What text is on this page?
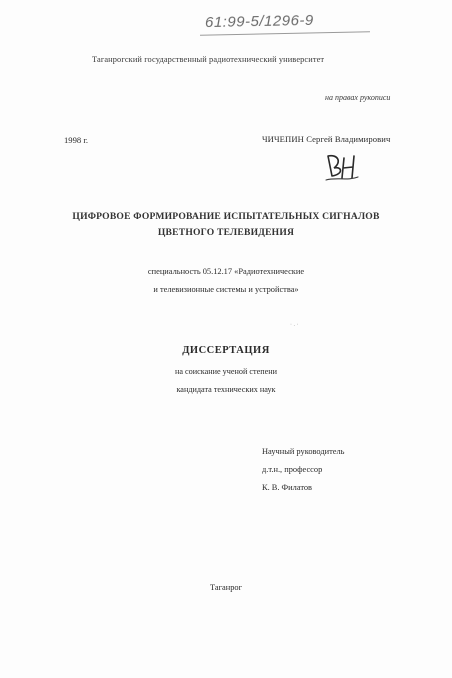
61:99-5/1296-9
Таганрогский государственный радиотехнический университет
на правах рукописи
1998 г.	ЧИЧЕПИН Сергей Владимирович
ЦИФРОВОЕ ФОРМИРОВАНИЕ ИСПЫТАТЕЛЬНЫХ СИГНАЛОВ
ЦВЕТНОГО ТЕЛЕВИДЕНИЯ
специальность 05.12.17 «Радиотехнические
и телевизионные системы и устройства»
· . ·
ДИССЕРТАЦИЯ
на соискание ученой степени
кандидата технических наук
Научный руководитель
д.т.н., профессор
К. В. Филатов
Таганрог
